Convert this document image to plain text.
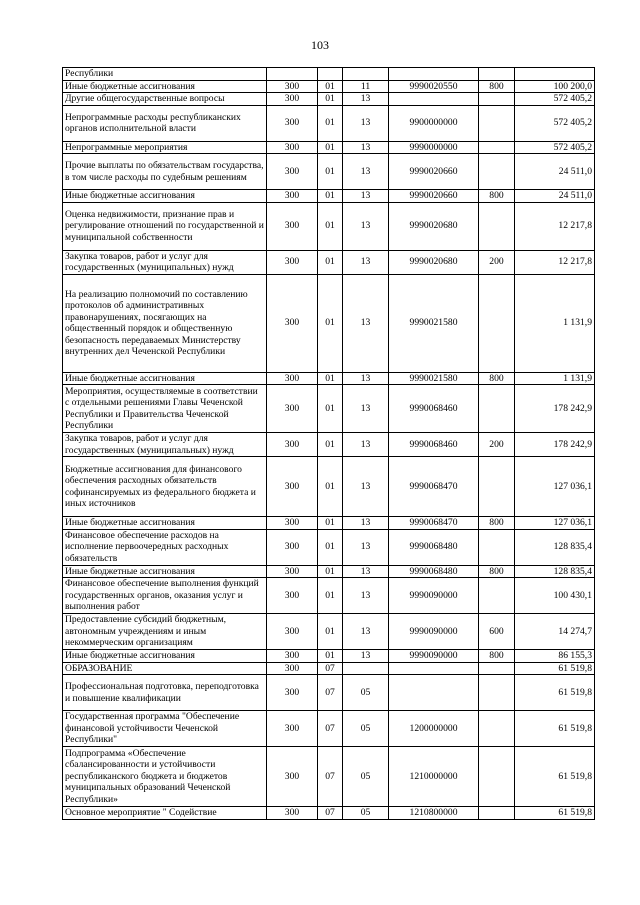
103
Республики						
Иные бюджетные ассигнования	300	01	11	9990020550	800	100 200,0
Другие общегосударственные вопросы	300	01	13			572 405,2
Непрограммные расходы республиканских органов исполнительной власти	300	01	13	9900000000		572 405,2
Непрограммные мероприятия	300	01	13	9990000000		572 405,2
Прочие выплаты по обязательствам государства, в том числе расходы по судебным решениям	300	01	13	9990020660		24 511,0
Иные бюджетные ассигнования	300	01	13	9990020660	800	24 511,0
Оценка недвижимости, признание прав и регулирование отношений по государственной и муниципальной собственности	300	01	13	9990020680		12 217,8
Закупка товаров, работ и услуг для государственных (муниципальных) нужд	300	01	13	9990020680	200	12 217,8
На реализацию полномочий по составлению протоколов об административных правонарушениях, посягающих на общественный порядок и общественную безопасность передаваемых Министерству внутренних дел Чеченской Республики	300	01	13	9990021580		1 131,9
Иные бюджетные ассигнования	300	01	13	9990021580	800	1 131,9
Мероприятия, осуществляемые в соответствии с отдельными решениями Главы Чеченской Республики и Правительства Чеченской Республики	300	01	13	9990068460		178 242,9
Закупка товаров, работ и услуг для государственных (муниципальных) нужд	300	01	13	9990068460	200	178 242,9
Бюджетные ассигнования для финансового обеспечения расходных обязательств софинансируемых из федерального бюджета и иных источников	300	01	13	9990068470		127 036,1
Иные бюджетные ассигнования	300	01	13	9990068470	800	127 036,1
Финансовое обеспечение расходов на исполнение первоочередных расходных обязательств	300	01	13	9990068480		128 835,4
Иные бюджетные ассигнования	300	01	13	9990068480	800	128 835,4
Финансовое обеспечение выполнения функций государственных органов, оказания услуг и выполнения работ	300	01	13	9990090000		100 430,1
Предоставление субсидий бюджетным, автономным учреждениям и иным некоммерческим организациям	300	01	13	9990090000	600	14 274,7
Иные бюджетные ассигнования	300	01	13	9990090000	800	86 155,3
ОБРАЗОВАНИЕ	300	07				61 519,8
Профессиональная подготовка, переподготовка и повышение квалификации	300	07	05			61 519,8
Государственная программа "Обеспечение финансовой устойчивости Чеченской Республики"	300	07	05	1200000000		61 519,8
Подпрограмма «Обеспечение сбалансированности и устойчивости республиканского бюджета и бюджетов муниципальных образований Чеченской Республики»	300	07	05	1210000000		61 519,8
Основное мероприятие " Содействие	300	07	05	1210800000		61 519,8
